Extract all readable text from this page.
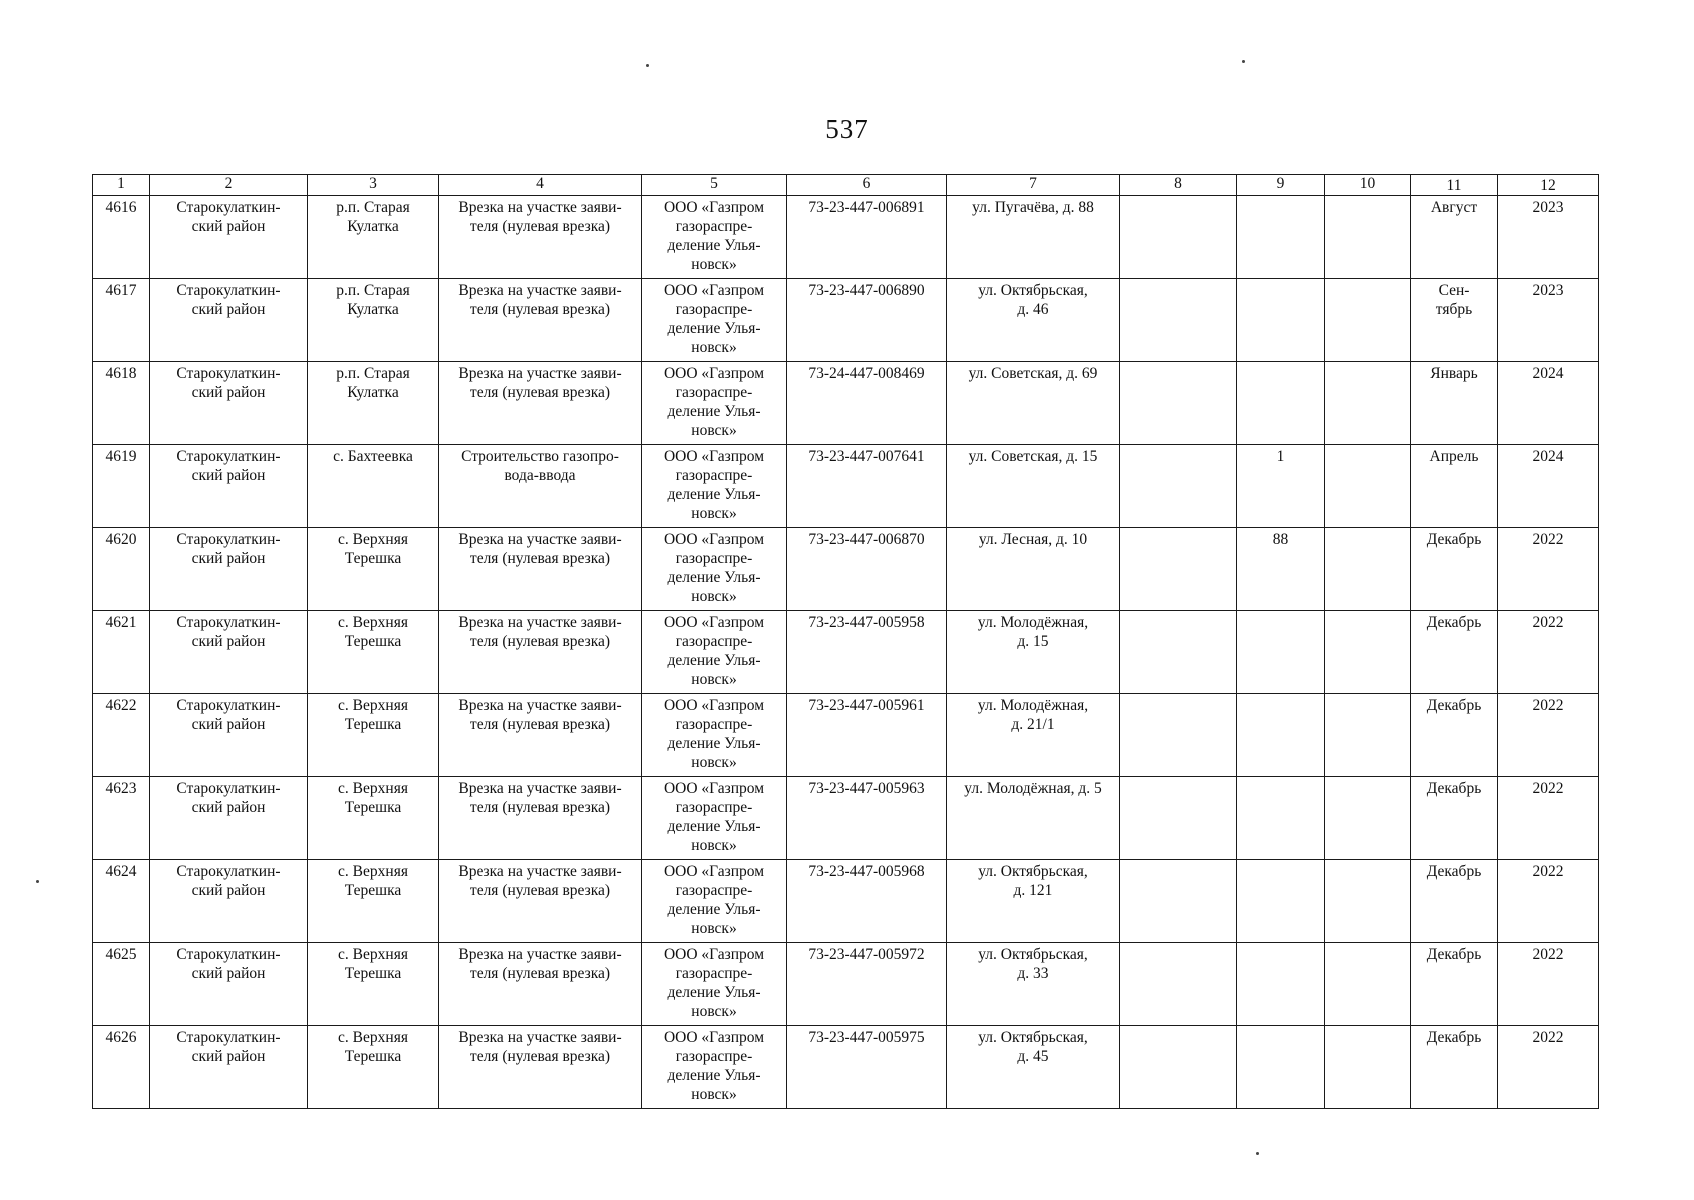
537
1	2	3	4	5	6	7	8	9	10	11	12
4616	Старокулаткин-
ский район	р.п. Старая
Кулатка	Врезка на участке заяви-
теля (нулевая врезка)	ООО «Газпром
газораспре-
деление Улья-
новск»	73-23-447-006891	ул. Пугачёва, д. 88				Август	2023
4617	Старокулаткин-
ский район	р.п. Старая
Кулатка	Врезка на участке заяви-
теля (нулевая врезка)	ООО «Газпром
газораспре-
деление Улья-
новск»	73-23-447-006890	ул. Октябрьская,
д. 46				Сен-
тябрь	2023
4618	Старокулаткин-
ский район	р.п. Старая
Кулатка	Врезка на участке заяви-
теля (нулевая врезка)	ООО «Газпром
газораспре-
деление Улья-
новск»	73-24-447-008469	ул. Советская, д. 69				Январь	2024
4619	Старокулаткин-
ский район	с. Бахтеевка	Строительство газопро-
вода-ввода	ООО «Газпром
газораспре-
деление Улья-
новск»	73-23-447-007641	ул. Советская, д. 15		1		Апрель	2024
4620	Старокулаткин-
ский район	с. Верхняя
Терешка	Врезка на участке заяви-
теля (нулевая врезка)	ООО «Газпром
газораспре-
деление Улья-
новск»	73-23-447-006870	ул. Лесная, д. 10		88		Декабрь	2022
4621	Старокулаткин-
ский район	с. Верхняя
Терешка	Врезка на участке заяви-
теля (нулевая врезка)	ООО «Газпром
газораспре-
деление Улья-
новск»	73-23-447-005958	ул. Молодёжная,
д. 15				Декабрь	2022
4622	Старокулаткин-
ский район	с. Верхняя
Терешка	Врезка на участке заяви-
теля (нулевая врезка)	ООО «Газпром
газораспре-
деление Улья-
новск»	73-23-447-005961	ул. Молодёжная,
д. 21/1				Декабрь	2022
4623	Старокулаткин-
ский район	с. Верхняя
Терешка	Врезка на участке заяви-
теля (нулевая врезка)	ООО «Газпром
газораспре-
деление Улья-
новск»	73-23-447-005963	ул. Молодёжная, д. 5				Декабрь	2022
4624	Старокулаткин-
ский район	с. Верхняя
Терешка	Врезка на участке заяви-
теля (нулевая врезка)	ООО «Газпром
газораспре-
деление Улья-
новск»	73-23-447-005968	ул. Октябрьская,
д. 121				Декабрь	2022
4625	Старокулаткин-
ский район	с. Верхняя
Терешка	Врезка на участке заяви-
теля (нулевая врезка)	ООО «Газпром
газораспре-
деление Улья-
новск»	73-23-447-005972	ул. Октябрьская,
д. 33				Декабрь	2022
4626	Старокулаткин-
ский район	с. Верхняя
Терешка	Врезка на участке заяви-
теля (нулевая врезка)	ООО «Газпром
газораспре-
деление Улья-
новск»	73-23-447-005975	ул. Октябрьская,
д. 45				Декабрь	2022
